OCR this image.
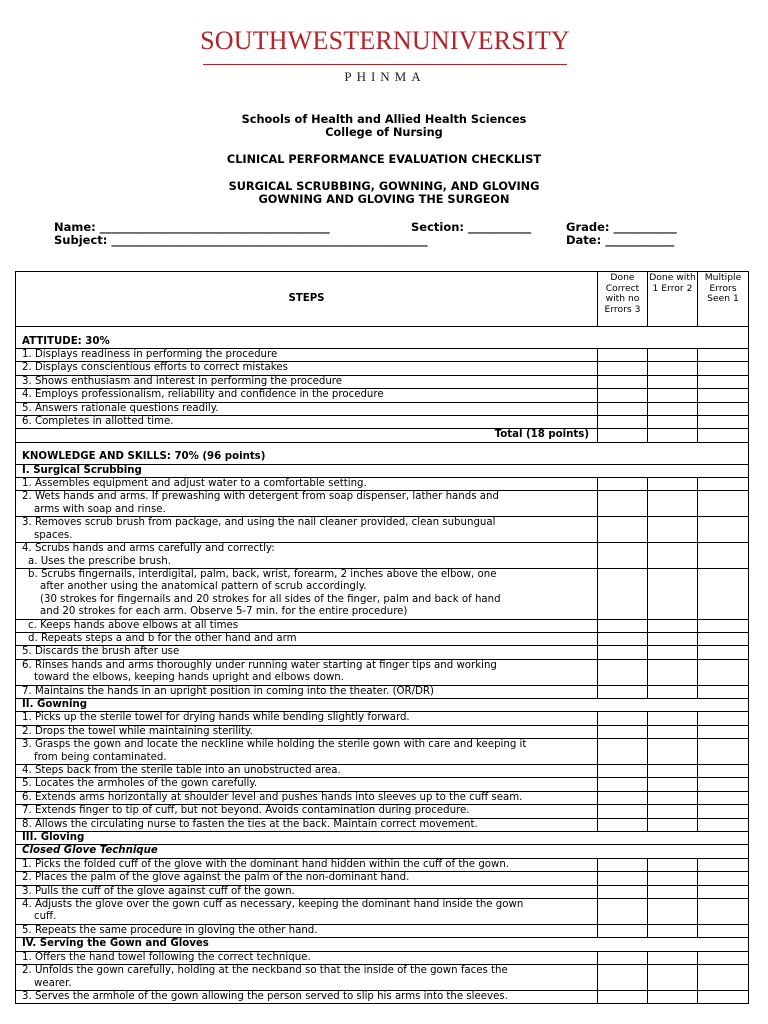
SOUTHWESTERNUNIVERSITY
PHINMA
Schools of Health and Allied Health Sciences
College of Nursing
CLINICAL PERFORMANCE EVALUATION CHECKLIST
SURGICAL SCRUBBING, GOWNING, AND GLOVING
GOWNING AND GLOVING THE SURGEON
Name: ________________________________________	Section: ___________	Grade: ___________
Subject: _______________________________________________________	Date: ____________
STEPS	Done Correct with no Errors 3	Done with 1 Error 2	Multiple Errors Seen 1

ATTITUDE: 30%			
1. Displays readiness in performing the procedure			
2. Displays conscientious efforts to correct mistakes			
3. Shows enthusiasm and interest in performing the procedure			
4. Employs professionalism, reliability and confidence in the procedure			
5. Answers rationale questions readily.			
6. Completes in allotted time.			
Total (18 points)			

KNOWLEDGE AND SKILLS: 70% (96 points)			
I. Surgical Scrubbing			

1. Assembles equipment and adjust water to a comfortable setting.			

2. Wets hands and arms. If prewashing with detergent from soap dispenser, lather hands and
arms with soap and rinse.			

3. Removes scrub brush from package, and using the nail cleaner provided, clean subungual
spaces.			

4. Scrubs hands and arms carefully and correctly:
a. Uses the prescribe brush.			

b. Scrubs fingernails, interdigital, palm, back, wrist, forearm, 2 inches above the elbow, one
after another using the anatomical pattern of scrub accordingly.
(30 strokes for fingernails and 20 strokes for all sides of the finger, palm and back of hand
and 20 strokes for each arm. Observe 5-7 min. for the entire procedure)			

c. Keeps hands above elbows at all times			

d. Repeats steps a and b for the other hand and arm			

5. Discards the brush after use			

6. Rinses hands and arms thoroughly under running water starting at finger tips and working
toward the elbows, keeping hands upright and elbows down.			

7. Maintains the hands in an upright position in coming into the theater. (OR/DR)			

II. Gowning			

1. Picks up the sterile towel for drying hands while bending slightly forward.			

2. Drops the towel while maintaining sterility.			

3. Grasps the gown and locate the neckline while holding the sterile gown with care and keeping it
from being contaminated.			

4. Steps back from the sterile table into an unobstructed area.			

5. Locates the armholes of the gown carefully.			

6. Extends arms horizontally at shoulder level and pushes hands into sleeves up to the cuff seam.			

7. Extends finger to tip of cuff, but not beyond. Avoids contamination during procedure.			

8. Allows the circulating nurse to fasten the ties at the back. Maintain correct movement.			

III. Gloving			
Closed Glove Technique			

1. Picks the folded cuff of the glove with the dominant hand hidden within the cuff of the gown.			

2. Places the palm of the glove against the palm of the non-dominant hand.			

3. Pulls the cuff of the glove against cuff of the gown.			

4. Adjusts the glove over the gown cuff as necessary, keeping the dominant hand inside the gown
cuff.			

5. Repeats the same procedure in gloving the other hand.			

IV. Serving the Gown and Gloves			

1. Offers the hand towel following the correct technique.			

2. Unfolds the gown carefully, holding at the neckband so that the inside of the gown faces the
wearer.			

3. Serves the armhole of the gown allowing the person served to slip his arms into the sleeves.			
